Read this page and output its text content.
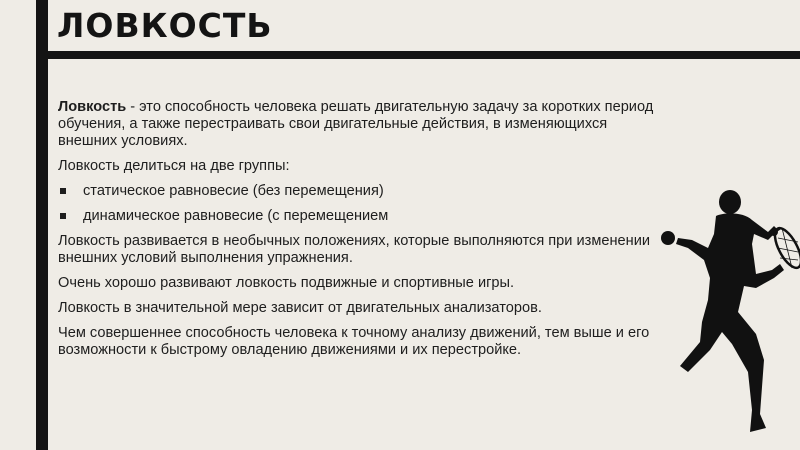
ЛОВКОСТЬ

Ловкость - это способность человека решать двигательную задачу за коротких период обучения, а также перестраивать свои двигательные действия, в изменяющихся внешних условиях.

Ловкость делиться на две группы:

статическое равновесие (без перемещения)
динамическое равновесие (с перемещением

Ловкость развивается в необычных положениях, которые выполняются при изменении внешних условий выполнения упражнения.

Очень хорошо развивают ловкость подвижные и спортивные игры.

Ловкость в значительной мере зависит от двигательных анализаторов.

Чем совершеннее способность человека к точному анализу движений, тем выше и его возможности к быстрому овладению движениями и их перестройке.
